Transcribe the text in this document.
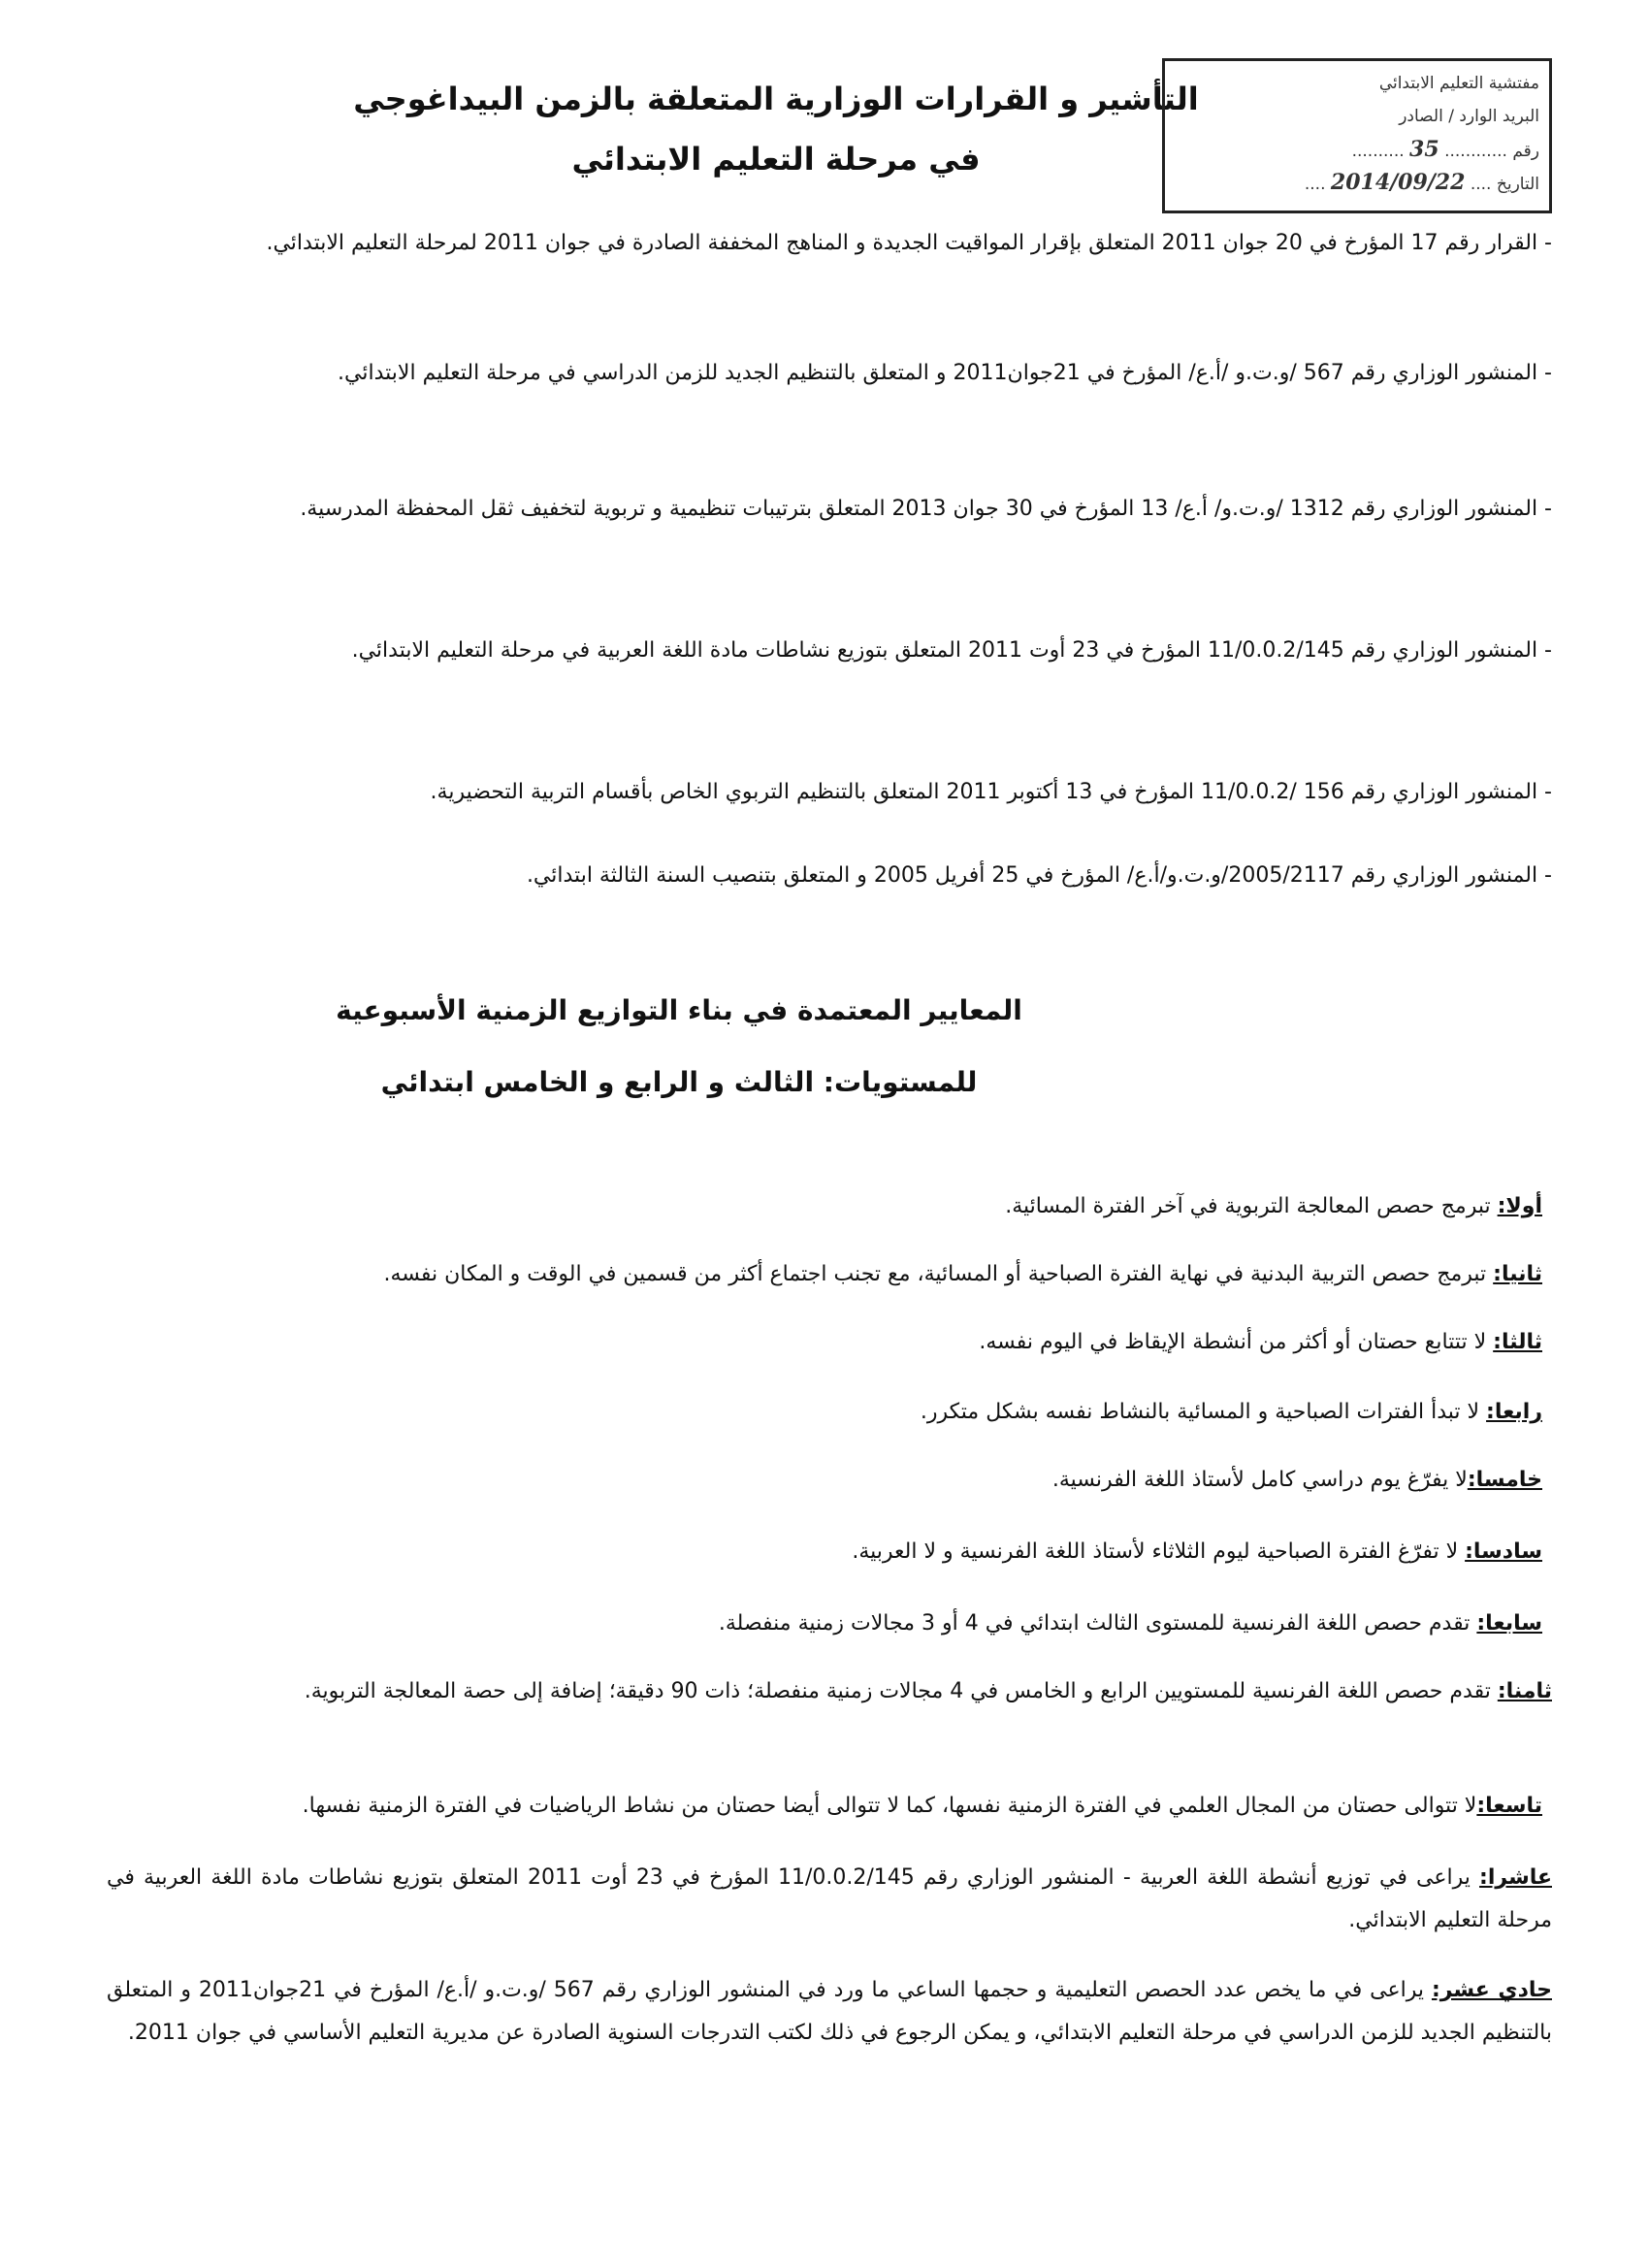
التأشير و القرارات الوزارية المتعلقة بالزمن البيداغوجي
في مرحلة التعليم الابتدائي
مفتشية التعليم الابتدائي
البريد الوارد / الصادر
رقم ............ 35 ..........
التاريخ .... 2014/09/22 ....
- القرار رقم 17 المؤرخ في 20 جوان 2011 المتعلق بإقرار المواقيت الجديدة و المناهج المخففة الصادرة في جوان 2011 لمرحلة التعليم الابتدائي.
- المنشور الوزاري رقم 567 /و.ت.و /أ.ع/ المؤرخ في 21جوان2011 و المتعلق بالتنظيم الجديد للزمن الدراسي في مرحلة التعليم الابتدائي.
- المنشور الوزاري رقم 1312 /و.ت.و/ أ.ع/ 13 المؤرخ في 30 جوان 2013 المتعلق بترتيبات تنظيمية و تربوية لتخفيف ثقل المحفظة المدرسية.
- المنشور الوزاري رقم 11/0.0.2/145 المؤرخ في 23 أوت 2011 المتعلق بتوزيع نشاطات مادة اللغة العربية في مرحلة التعليم الابتدائي.
- المنشور الوزاري رقم 156 /11/0.0.2 المؤرخ في 13 أكتوبر 2011 المتعلق بالتنظيم التربوي الخاص بأقسام التربية التحضيرية.
- المنشور الوزاري رقم 2005/2117/و.ت.و/أ.ع/ المؤرخ في 25 أفريل 2005 و المتعلق بتنصيب السنة الثالثة ابتدائي.
المعايير المعتمدة في بناء التوازيع الزمنية الأسبوعية
للمستويات: الثالث و الرابع و الخامس ابتدائي
أولا: تبرمج حصص المعالجة التربوية في آخر الفترة المسائية.
ثانيا: تبرمج حصص التربية البدنية في نهاية الفترة الصباحية أو المسائية، مع تجنب اجتماع أكثر من قسمين في الوقت و المكان نفسه.
ثالثا: لا تتتابع حصتان أو أكثر من أنشطة الإيقاظ في اليوم نفسه.
رابعا: لا تبدأ الفترات الصباحية و المسائية بالنشاط نفسه بشكل متكرر.
خامسا:لا يفرّغ يوم دراسي كامل لأستاذ اللغة الفرنسية.
سادسا: لا تفرّغ الفترة الصباحية ليوم الثلاثاء لأستاذ اللغة الفرنسية و لا العربية.
سابعا: تقدم حصص اللغة الفرنسية للمستوى الثالث ابتدائي في 4 أو 3 مجالات زمنية منفصلة.
ثامنا: تقدم حصص اللغة الفرنسية للمستويين الرابع و الخامس في 4 مجالات زمنية منفصلة؛ ذات 90 دقيقة؛ إضافة إلى حصة المعالجة التربوية.
تاسعا:لا تتوالى حصتان من المجال العلمي في الفترة الزمنية نفسها، كما لا تتوالى أيضا حصتان من نشاط الرياضيات في الفترة الزمنية نفسها.
عاشرا: يراعى في توزيع أنشطة اللغة العربية - المنشور الوزاري رقم 11/0.0.2/145 المؤرخ في 23 أوت 2011 المتعلق بتوزيع نشاطات مادة اللغة العربية في مرحلة التعليم الابتدائي.
حادي عشر: يراعى في ما يخص عدد الحصص التعليمية و حجمها الساعي ما ورد في المنشور الوزاري رقم 567 /و.ت.و /أ.ع/ المؤرخ في 21جوان2011 و المتعلق بالتنظيم الجديد للزمن الدراسي في مرحلة التعليم الابتدائي، و يمكن الرجوع في ذلك لكتب التدرجات السنوية الصادرة عن مديرية التعليم الأساسي في جوان 2011.
